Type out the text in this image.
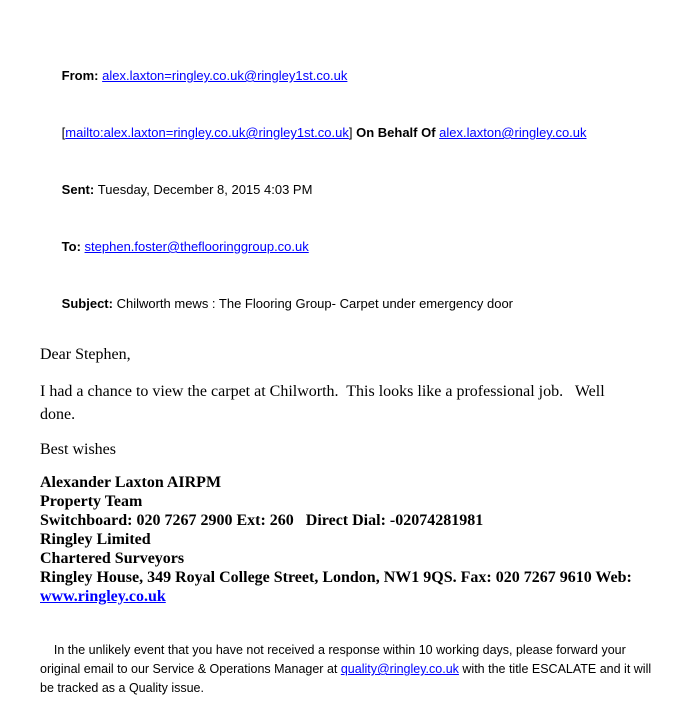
From: alex.laxton=ringley.co.uk@ringley1st.co.uk

[mailto:alex.laxton=ringley.co.uk@ringley1st.co.uk] On Behalf Of alex.laxton@ringley.co.uk

Sent: Tuesday, December 8, 2015 4:03 PM

To: stephen.foster@theflooringgroup.co.uk

Subject: Chilworth mews : The Flooring Group- Carpet under emergency door

Dear Stephen,
I had a chance to view the carpet at Chilworth.  This looks like a professional job.   Well done.
Best wishes
Alexander Laxton AIRPM
Property Team
Switchboard: 020 7267 2900 Ext: 260   Direct Dial: -02074281981
Ringley Limited
Chartered Surveyors
Ringley House, 349 Royal College Street, London, NW1 9QS. Fax: 020 7267 9610 Web:
www.ringley.co.uk

In the unlikely event that you have not received a response within 10 working days, please forward your original email to our Service & Operations Manager at quality@ringley.co.uk with the title ESCALATE and it will be tracked as a Quality issue.
